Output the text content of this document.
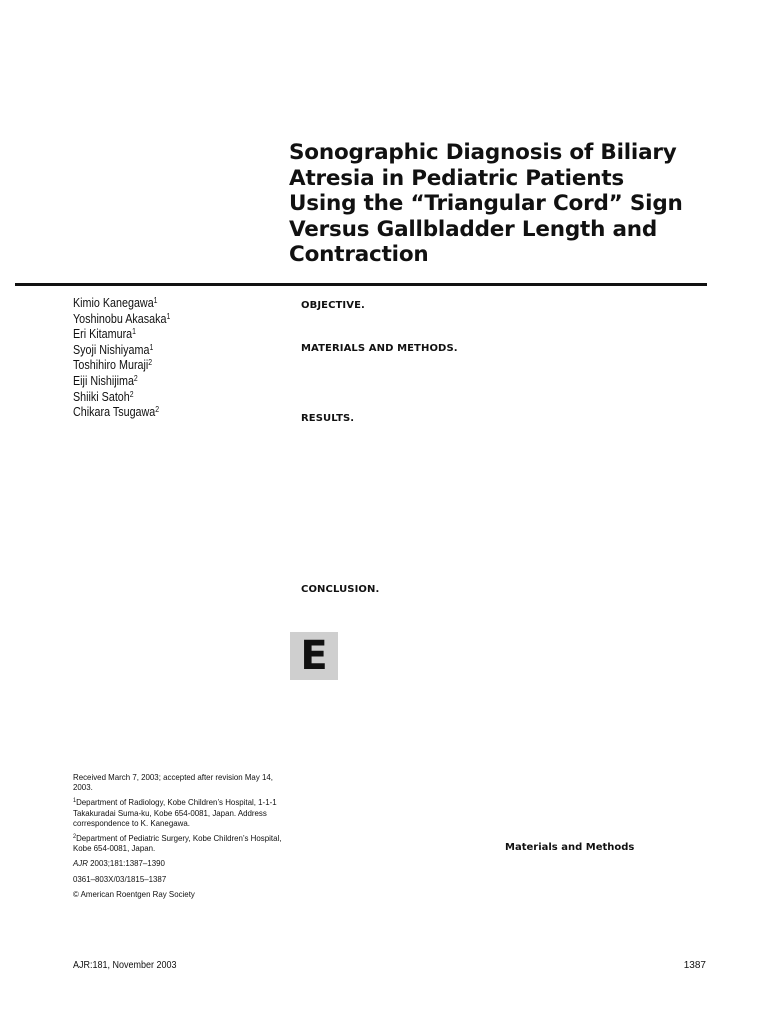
Sonographic Diagnosis of Biliary
Atresia in Pediatric Patients
Using the “Triangular Cord” Sign
Versus Gallbladder Length and
Contraction
Kimio Kanegawa$^1$
Yoshinobu Akasaka$^1$
Eri Kitamura$^1$
Syoji Nishiyama$^1$
Toshihiro Muraji$^2$
Eiji Nishijima$^2$
Shiiki Satoh$^2$
Chikara Tsugawa$^2$
OBJECTIVE.
MATERIALS AND METHODS.
RESULTS.
CONCLUSION.
E
Received March 7, 2003; accepted after revision May 14, 2003.
$^1$Department of Radiology, Kobe Children’s Hospital, 1-1-1 Takakuradai Suma-ku, Kobe 654-0081, Japan. Address correspondence to K. Kanegawa.
$^2$Department of Pediatric Surgery, Kobe Children’s Hospital, Kobe 654-0081, Japan.
AJR 2003;181:1387–1390
0361–803X/03/1815–1387
© American Roentgen Ray Society
Materials and Methods
AJR:181, November 2003	1387
